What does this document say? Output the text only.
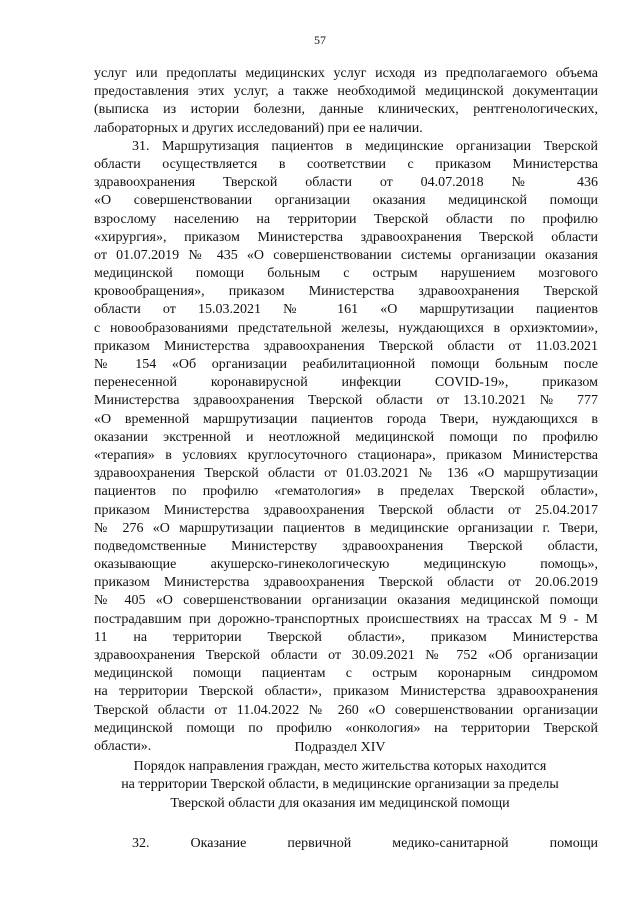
57
услуг или предоплаты медицинских услуг исходя из предполагаемого объема
предоставления этих услуг, а также необходимой медицинской документации
(выписка из истории болезни, данные клинических, рентгенологических,
лабораторных и других исследований) при ее наличии.
31. Маршрутизация пациентов в медицинские организации Тверской
области осуществляется в соответствии с приказом Министерства
здравоохранения Тверской области от 04.07.2018 № 436
«О совершенствовании организации оказания медицинской помощи
взрослому населению на территории Тверской области по профилю
«хирургия», приказом Министерства здравоохранения Тверской области
от 01.07.2019 № 435 «О совершенствовании системы организации оказания
медицинской помощи больным с острым нарушением мозгового
кровообращения», приказом Министерства здравоохранения Тверской
области от 15.03.2021 № 161 «О маршрутизации пациентов
с новообразованиями предстательной железы, нуждающихся в орхиэктомии»,
приказом Министерства здравоохранения Тверской области от 11.03.2021
№ 154 «Об организации реабилитационной помощи больным после
перенесенной коронавирусной инфекции COVID-19», приказом
Министерства здравоохранения Тверской области от 13.10.2021 № 777
«О временной маршрутизации пациентов города Твери, нуждающихся в
оказании экстренной и неотложной медицинской помощи по профилю
«терапия» в условиях круглосуточного стационара», приказом Министерства
здравоохранения Тверской области от 01.03.2021 № 136 «О маршрутизации
пациентов по профилю «гематология» в пределах Тверской области»,
приказом Министерства здравоохранения Тверской области от 25.04.2017
№ 276 «О маршрутизации пациентов в медицинские организации г. Твери,
подведомственные Министерству здравоохранения Тверской области,
оказывающие акушерско-гинекологическую медицинскую помощь»,
приказом Министерства здравоохранения Тверской области от 20.06.2019
№ 405 «О совершенствовании организации оказания медицинской помощи
пострадавшим при дорожно-транспортных происшествиях на трассах М 9 - М
11 на территории Тверской области», приказом Министерства
здравоохранения Тверской области от 30.09.2021 № 752 «Об организации
медицинской помощи пациентам с острым коронарным синдромом
на территории Тверской области», приказом Министерства здравоохранения
Тверской области от 11.04.2022 № 260 «О совершенствовании организации
медицинской помощи по профилю «онкология» на территории Тверской
области».	Подраздел XIV
Порядок направления граждан, место жительства которых находится
на территории Тверской области, в медицинские организации за пределы
Тверской области для оказания им медицинской помощи
32. Оказание первичной медико-санитарной помощи
